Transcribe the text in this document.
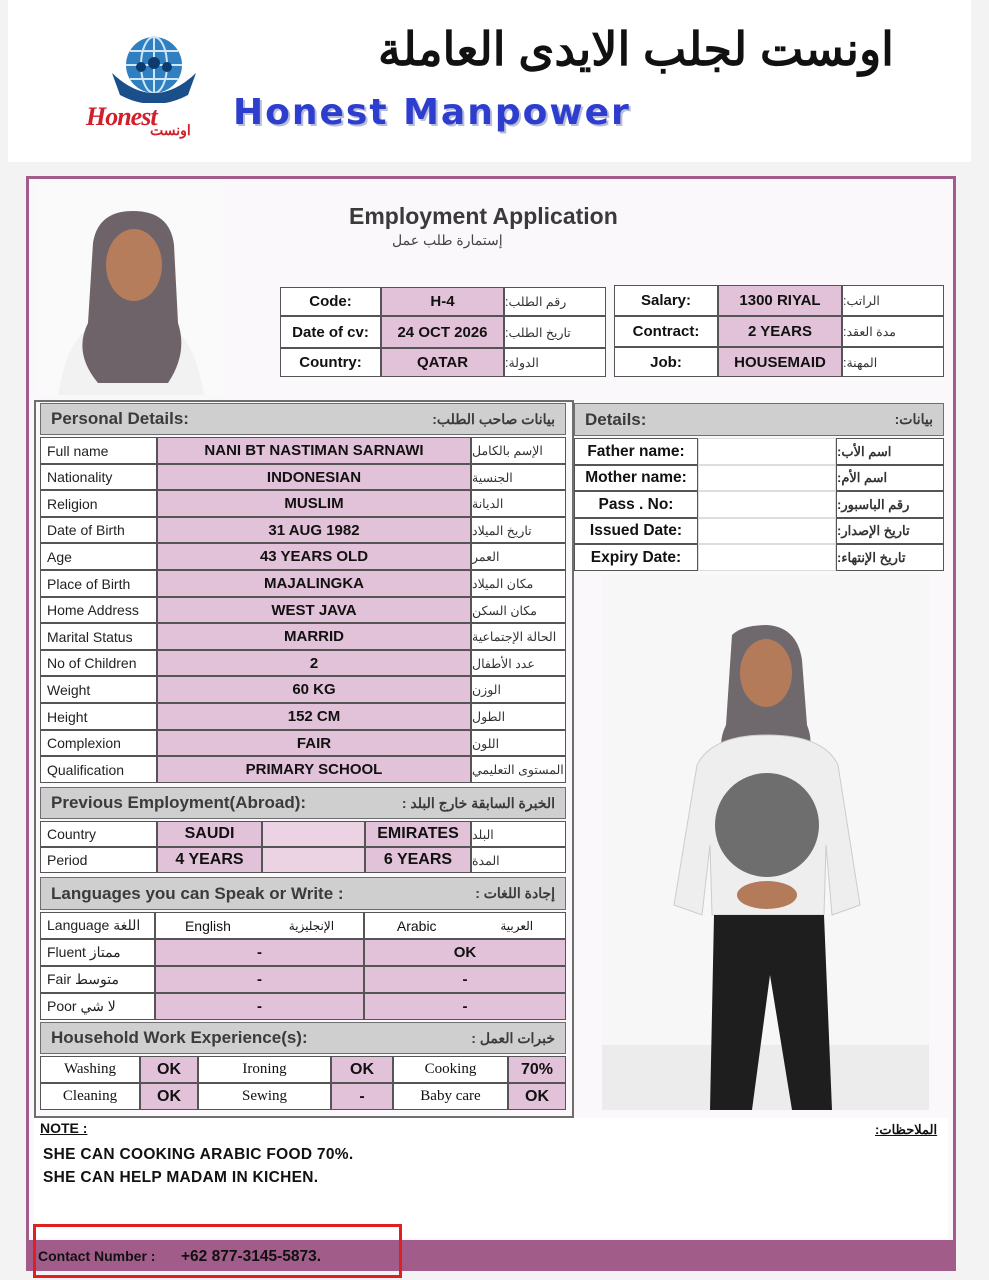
Honest
اونست
اونست لجلب الايدى العاملة
Honest Manpower
Employment Application
إستمارة طلب عمل
Code:	H-4	رقم الطلب:
Date of cv:	24 OCT 2026	تاريخ الطلب:
Country:	QATAR	الدولة:
Salary:	1300 RIYAL	الراتب:
Contract:	2 YEARS	مدة العقد:
Job:	HOUSEMAID	المهنة:
Personal Details:	بيانات صاحب الطلب:
Full name	NANI BT NASTIMAN SARNAWI	الإسم بالكامل
Nationality	INDONESIAN	الجنسية
Religion	MUSLIM	الديانة
Date of Birth	31 AUG 1982	تاريخ الميلاد
Age	43 YEARS OLD	العمر
Place of Birth	MAJALINGKA	مكان الميلاد
Home Address	WEST JAVA	مكان السكن
Marital Status	MARRID	الحالة الإجتماعية
No of Children	2	عدد الأطفال
Weight	60 KG	الوزن
Height	152 CM	الطول
Complexion	FAIR	اللون
Qualification	PRIMARY SCHOOL	المستوى التعليمي
Details:	بيانات:
Father name:	اسم الأب:
Mother name:	اسم الأم:
Pass . No:	رقم الباسبور:
Issued Date:	تاريخ الإصدار:
Expiry Date:	تاريخ الإنتهاء:
Previous Employment(Abroad):	الخبرة السابقة خارج البلد :
Country	SAUDI	EMIRATES	البلد
Period	4 YEARS	6 YEARS	المدة
Languages you can Speak or Write :	إجادة اللغات :
Language اللغة	English	الإنجليزية	Arabic	العربية
Fluent ممتاز	-	OK
Fair متوسط	-	-
Poor لا شي	-	-
Household Work Experience(s):	خبرات العمل :
Washing	OK	Ironing	OK	Cooking	70%
Cleaning	OK	Sewing	-	Baby care	OK
NOTE :	الملاحظات:
SHE CAN COOKING ARABIC FOOD 70%.
SHE CAN HELP MADAM IN KICHEN.
Contact Number : +62 877-3145-5873.
